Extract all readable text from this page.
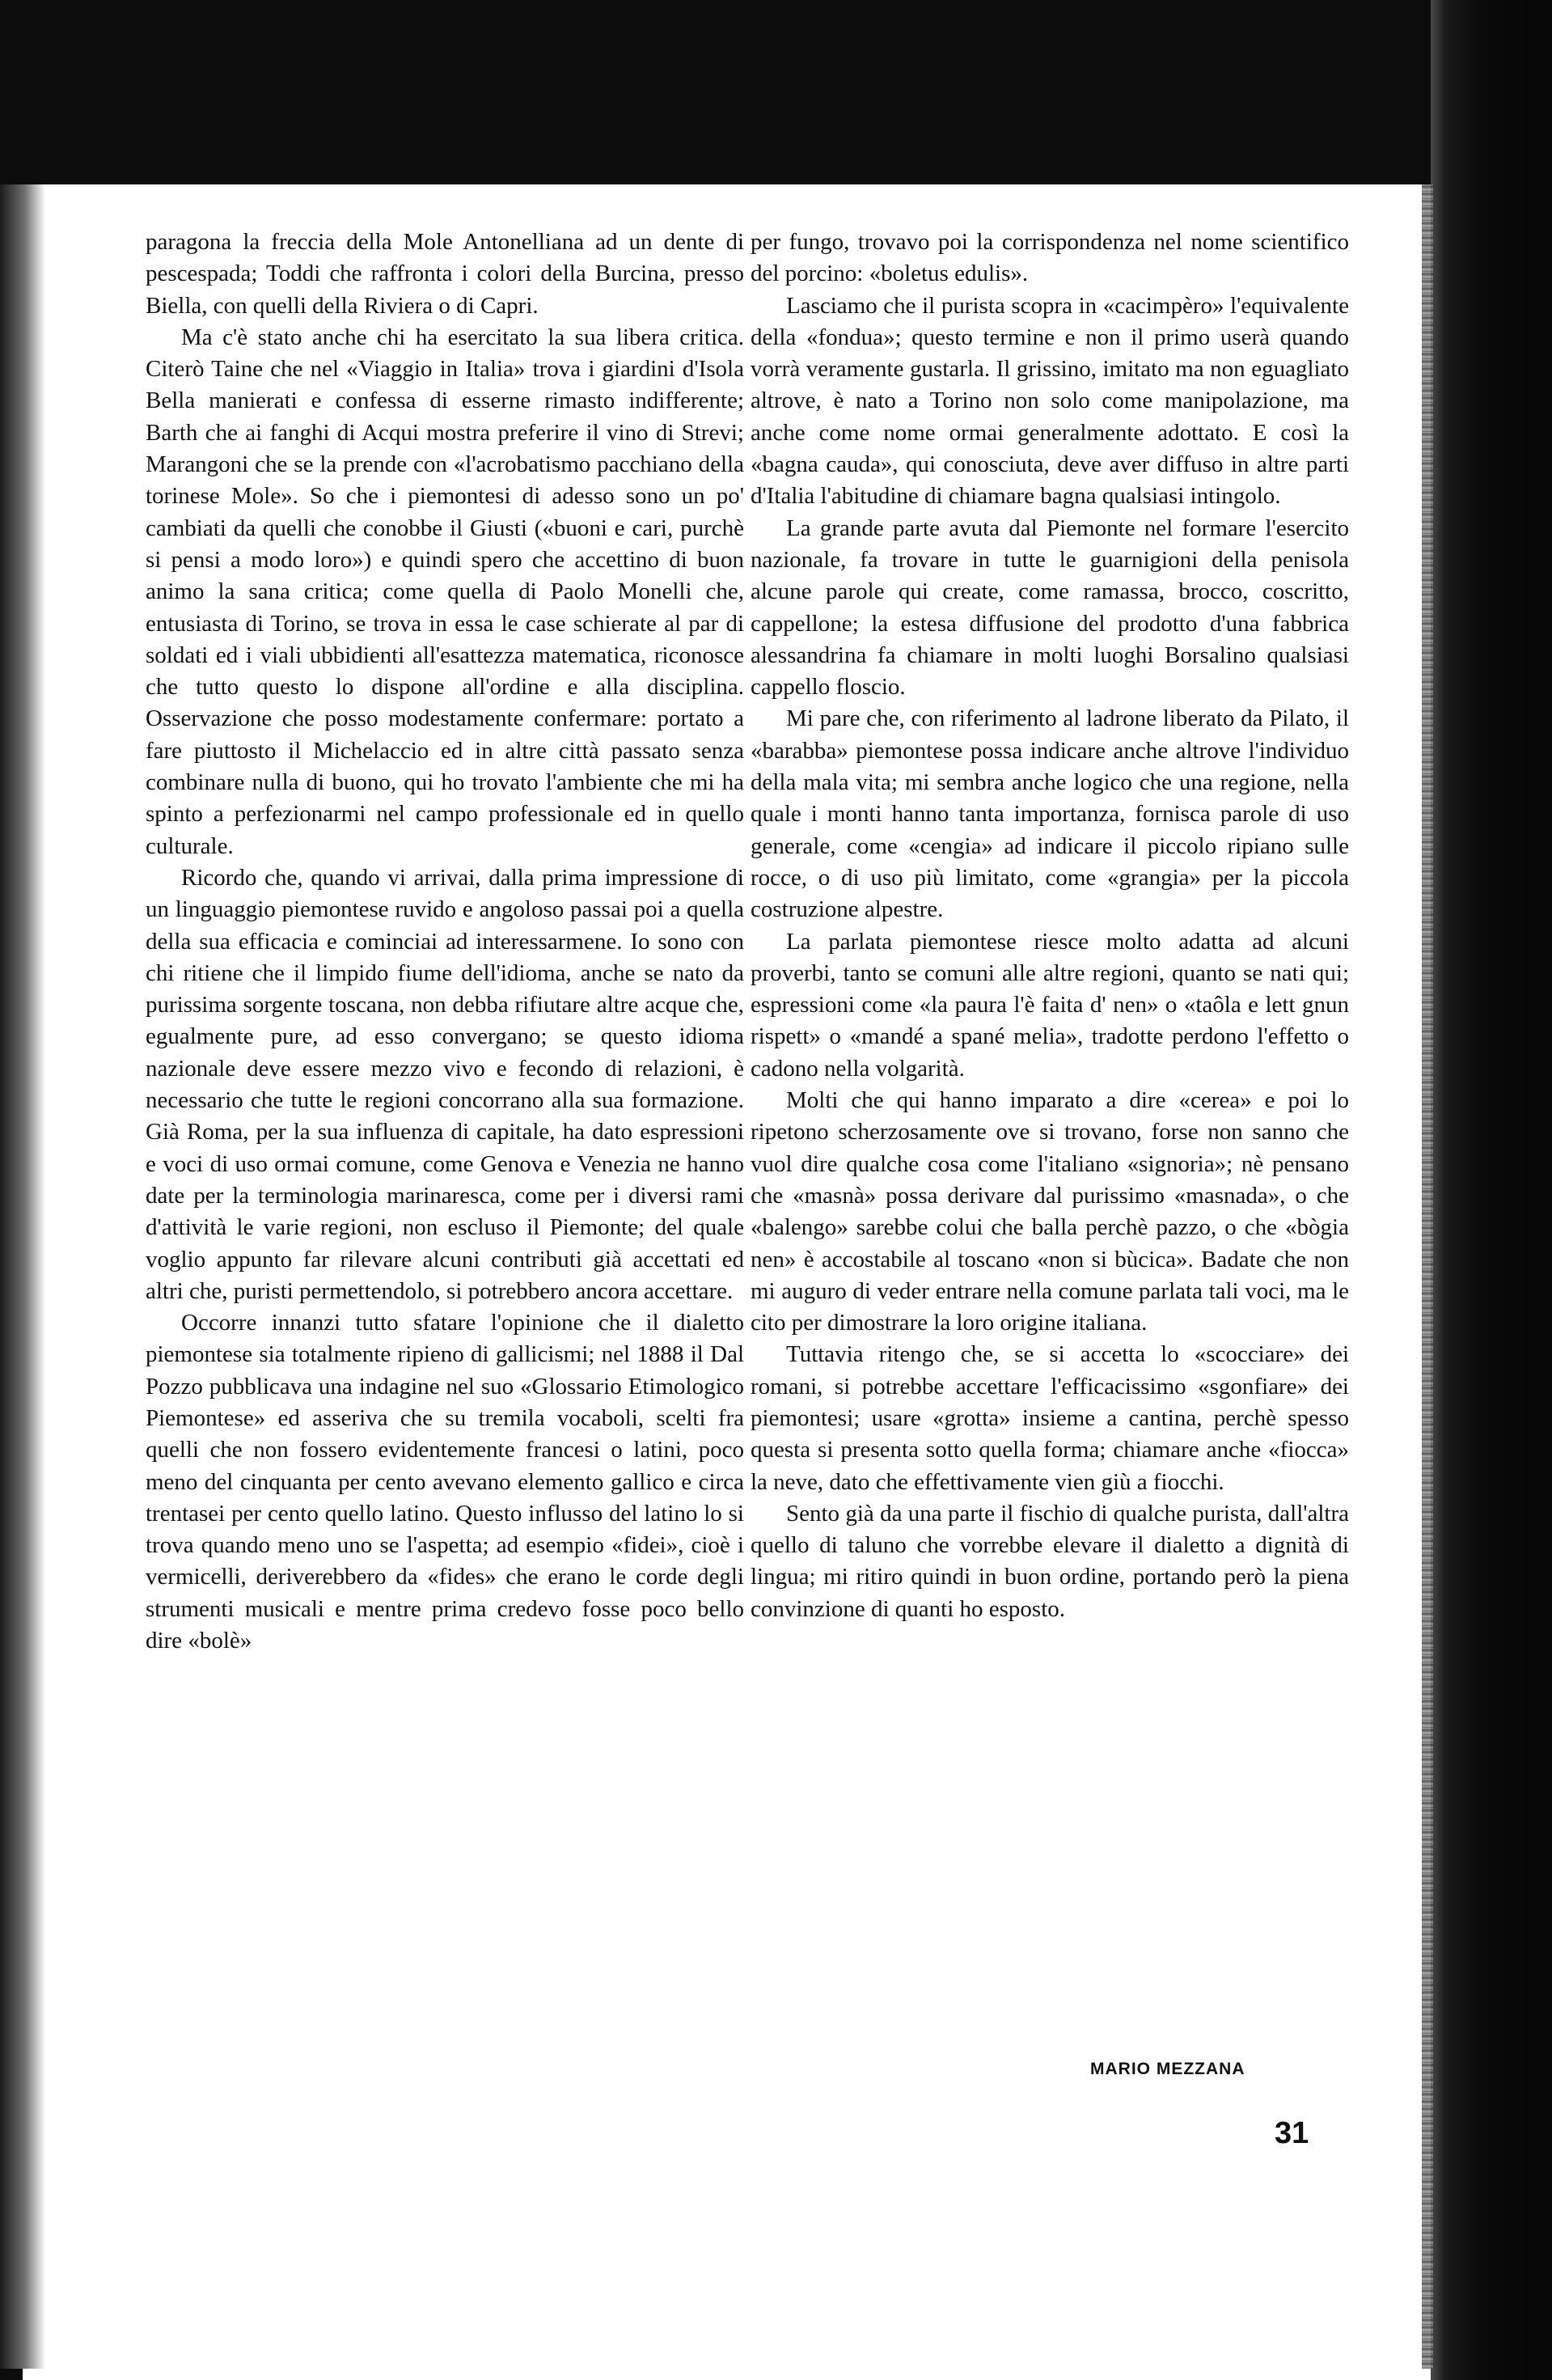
paragona la freccia della Mole Antonelliana ad un dente di pescespada; Toddi che raffronta i colori della Burcina, presso Biella, con quelli della Riviera o di Capri.

Ma c'è stato anche chi ha esercitato la sua libera critica. Citerò Taine che nel «Viaggio in Italia» trova i giardini d'Isola Bella manierati e confessa di esserne rimasto indifferente; Barth che ai fanghi di Acqui mostra preferire il vino di Strevi; Marangoni che se la prende con «l'acrobatismo pacchiano della torinese Mole». So che i piemontesi di adesso sono un po' cambiati da quelli che conobbe il Giusti («buoni e cari, purchè si pensi a modo loro») e quindi spero che accettino di buon animo la sana critica; come quella di Paolo Monelli che, entusiasta di Torino, se trova in essa le case schierate al par di soldati ed i viali ubbidienti all'esattezza matematica, riconosce che tutto questo lo dispone all'ordine e alla disciplina. Osservazione che posso modestamente confermare: portato a fare piuttosto il Michelaccio ed in altre città passato senza combinare nulla di buono, qui ho trovato l'ambiente che mi ha spinto a perfezionarmi nel campo professionale ed in quello culturale.

Ricordo che, quando vi arrivai, dalla prima impressione di un linguaggio piemontese ruvido e angoloso passai poi a quella della sua efficacia e cominciai ad interessarmene. Io sono con chi ritiene che il limpido fiume dell'idioma, anche se nato da purissima sorgente toscana, non debba rifiutare altre acque che, egualmente pure, ad esso convergano; se questo idioma nazionale deve essere mezzo vivo e fecondo di relazioni, è necessario che tutte le regioni concorrano alla sua formazione. Già Roma, per la sua influenza di capitale, ha dato espressioni e voci di uso ormai comune, come Genova e Venezia ne hanno date per la terminologia marinaresca, come per i diversi rami d'attività le varie regioni, non escluso il Piemonte; del quale voglio appunto far rilevare alcuni contributi già accettati ed altri che, puristi permettendolo, si potrebbero ancora accettare.

Occorre innanzi tutto sfatare l'opinione che il dialetto piemontese sia totalmente ripieno di gallicismi; nel 1888 il Dal Pozzo pubblicava una indagine nel suo «Glossario Etimologico Piemontese» ed asseriva che su tremila vocaboli, scelti fra quelli che non fossero evidentemente francesi o latini, poco meno del cinquanta per cento avevano elemento gallico e circa trentasei per cento quello latino. Questo influsso del latino lo si trova quando meno uno se l'aspetta; ad esempio «fidei», cioè i vermicelli, deriverebbero da «fides» che erano le corde degli strumenti musicali e mentre prima credevo fosse poco bello dire «bolè»

per fungo, trovavo poi la corrispondenza nel nome scientifico del porcino: «boletus edulis».

Lasciamo che il purista scopra in «cacimpèro» l'equivalente della «fondua»; questo termine e non il primo userà quando vorrà veramente gustarla. Il grissino, imitato ma non eguagliato altrove, è nato a Torino non solo come manipolazione, ma anche come nome ormai generalmente adottato. E così la «bagna cauda», qui conosciuta, deve aver diffuso in altre parti d'Italia l'abitudine di chiamare bagna qualsiasi intingolo.

La grande parte avuta dal Piemonte nel formare l'esercito nazionale, fa trovare in tutte le guarnigioni della penisola alcune parole qui create, come ramassa, brocco, coscritto, cappellone; la estesa diffusione del prodotto d'una fabbrica alessandrina fa chiamare in molti luoghi Borsalino qualsiasi cappello floscio.

Mi pare che, con riferimento al ladrone liberato da Pilato, il «barabba» piemontese possa indicare anche altrove l'individuo della mala vita; mi sembra anche logico che una regione, nella quale i monti hanno tanta importanza, fornisca parole di uso generale, come «cengia» ad indicare il piccolo ripiano sulle rocce, o di uso più limitato, come «grangia» per la piccola costruzione alpestre.

La parlata piemontese riesce molto adatta ad alcuni proverbi, tanto se comuni alle altre regioni, quanto se nati qui; espressioni come «la paura l'è faita d' nen» o «taôla e lett gnun rispett» o «mandé a spané melia», tradotte perdono l'effetto o cadono nella volgarità.

Molti che qui hanno imparato a dire «cerea» e poi lo ripetono scherzosamente ove si trovano, forse non sanno che vuol dire qualche cosa come l'italiano «signoria»; nè pensano che «masnà» possa derivare dal purissimo «masnada», o che «balengo» sarebbe colui che balla perchè pazzo, o che «bògia nen» è accostabile al toscano «non si bùcica». Badate che non mi auguro di veder entrare nella comune parlata tali voci, ma le cito per dimostrare la loro origine italiana.

Tuttavia ritengo che, se si accetta lo «scocciare» dei romani, si potrebbe accettare l'efficacissimo «sgonfiare» dei piemontesi; usare «grotta» insieme a cantina, perchè spesso questa si presenta sotto quella forma; chiamare anche «fiocca» la neve, dato che effettivamente vien giù a fiocchi.

Sento già da una parte il fischio di qualche purista, dall'altra quello di taluno che vorrebbe elevare il dialetto a dignità di lingua; mi ritiro quindi in buon ordine, portando però la piena convinzione di quanti ho esposto.

MARIO MEZZANA
31
